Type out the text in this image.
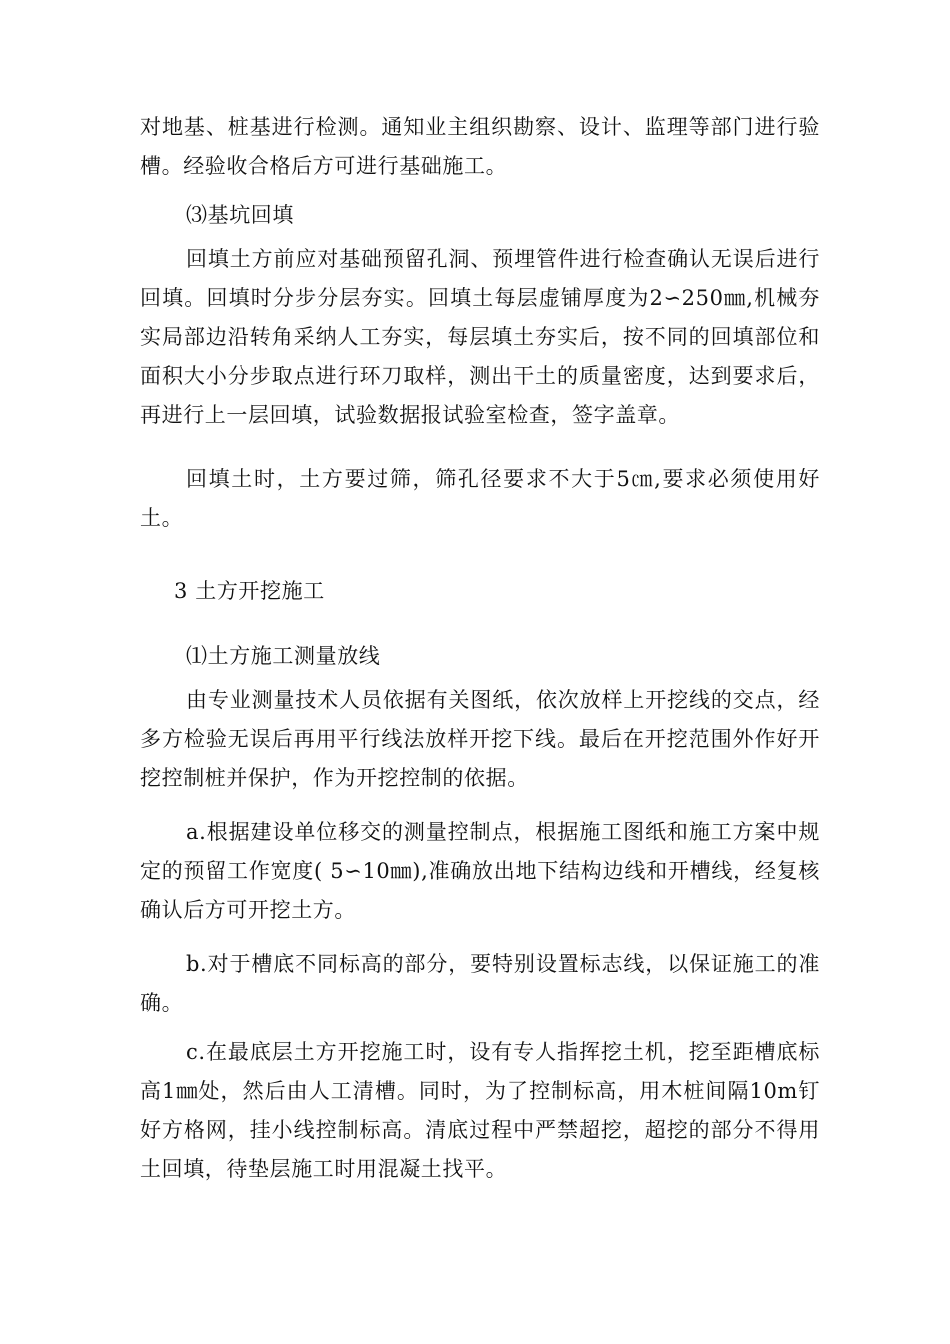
对地基、桩基进行检测。通知业主组织勘察、设计、监理等部门进行验槽。经验收合格后方可进行基础施工。

⑶基坑回填

回填土方前应对基础预留孔洞、预埋管件进行检查确认无误后进行回填。回填时分步分层夯实。回填土每层虚铺厚度为2∽250㎜,机械夯实局部边沿转角采纳人工夯实，每层填土夯实后，按不同的回填部位和面积大小分步取点进行环刀取样，测出干土的质量密度，达到要求后，再进行上一层回填，试验数据报试验室检查，签字盖章。

回填土时，土方要过筛，筛孔径要求不大于5㎝,要求必须使用好土。

3 土方开挖施工

⑴土方施工测量放线

由专业测量技术人员依据有关图纸，依次放样上开挖线的交点，经多方检验无误后再用平行线法放样开挖下线。最后在开挖范围外作好开挖控制桩并保护，作为开挖控制的依据。

a.根据建设单位移交的测量控制点，根据施工图纸和施工方案中规定的预留工作宽度( 5∽10㎜),准确放出地下结构边线和开槽线，经复核确认后方可开挖土方。

b.对于槽底不同标高的部分，要特别设置标志线，以保证施工的准确。

c.在最底层土方开挖施工时，设有专人指挥挖土机，挖至距槽底标高1㎜处，然后由人工清槽。同时，为了控制标高，用木桩间隔10m钉好方格网，挂小线控制标高。清底过程中严禁超挖，超挖的部分不得用土回填，待垫层施工时用混凝土找平。
